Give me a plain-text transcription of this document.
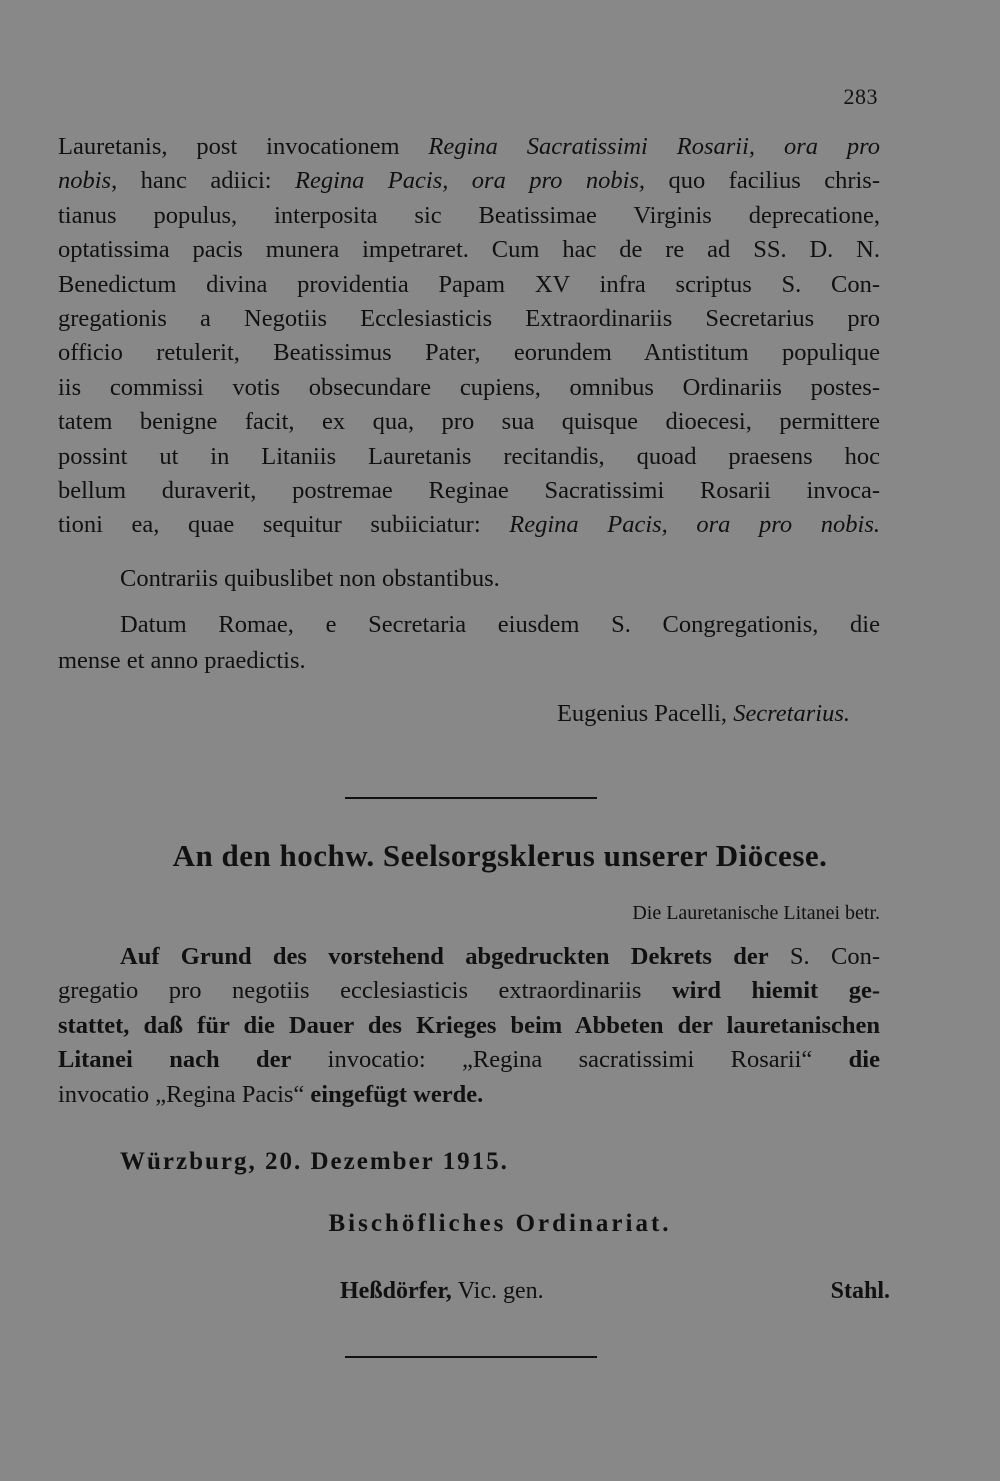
283
Lauretanis, post invocationem Regina Sacratissimi Rosarii, ora pro
nobis, hanc adiici: Regina Pacis, ora pro nobis, quo facilius chris-
tianus populus, interposita sic Beatissimae Virginis deprecatione,
optatissima pacis munera impetraret. Cum hac de re ad SS. D. N.
Benedictum divina providentia Papam XV infra scriptus S. Con-
gregationis a Negotiis Ecclesiasticis Extraordinariis Secretarius pro
officio retulerit, Beatissimus Pater, eorundem Antistitum populique
iis commissi votis obsecundare cupiens, omnibus Ordinariis postes-
tatem benigne facit, ex qua, pro sua quisque dioecesi, permittere
possint ut in Litaniis Lauretanis recitandis, quoad praesens hoc
bellum duraverit, postremae Reginae Sacratissimi Rosarii invoca-
tioni ea, quae sequitur subiiciatur: Regina Pacis, ora pro nobis.
Contrariis quibuslibet non obstantibus.
Datum Romae, e Secretaria eiusdem S. Congregationis, die
mense et anno praedictis.
Eugenius Pacelli, Secretarius.
An den hochw. Seelsorgsklerus unserer Diöcese.
Die Lauretanische Litanei betr.
Auf Grund des vorstehend abgedruckten Dekrets der S. Con-
gregatio pro negotiis ecclesiasticis extraordinariis wird hiemit ge-
stattet, daß für die Dauer des Krieges beim Abbeten der lauretanischen
Litanei nach der invocatio: „Regina sacratissimi Rosarii“ die
invocatio „Regina Pacis“ eingefügt werde.
Würzburg, 20. Dezember 1915.
Bischöfliches Ordinariat.
Heßdörfer, Vic. gen.	Stahl.
